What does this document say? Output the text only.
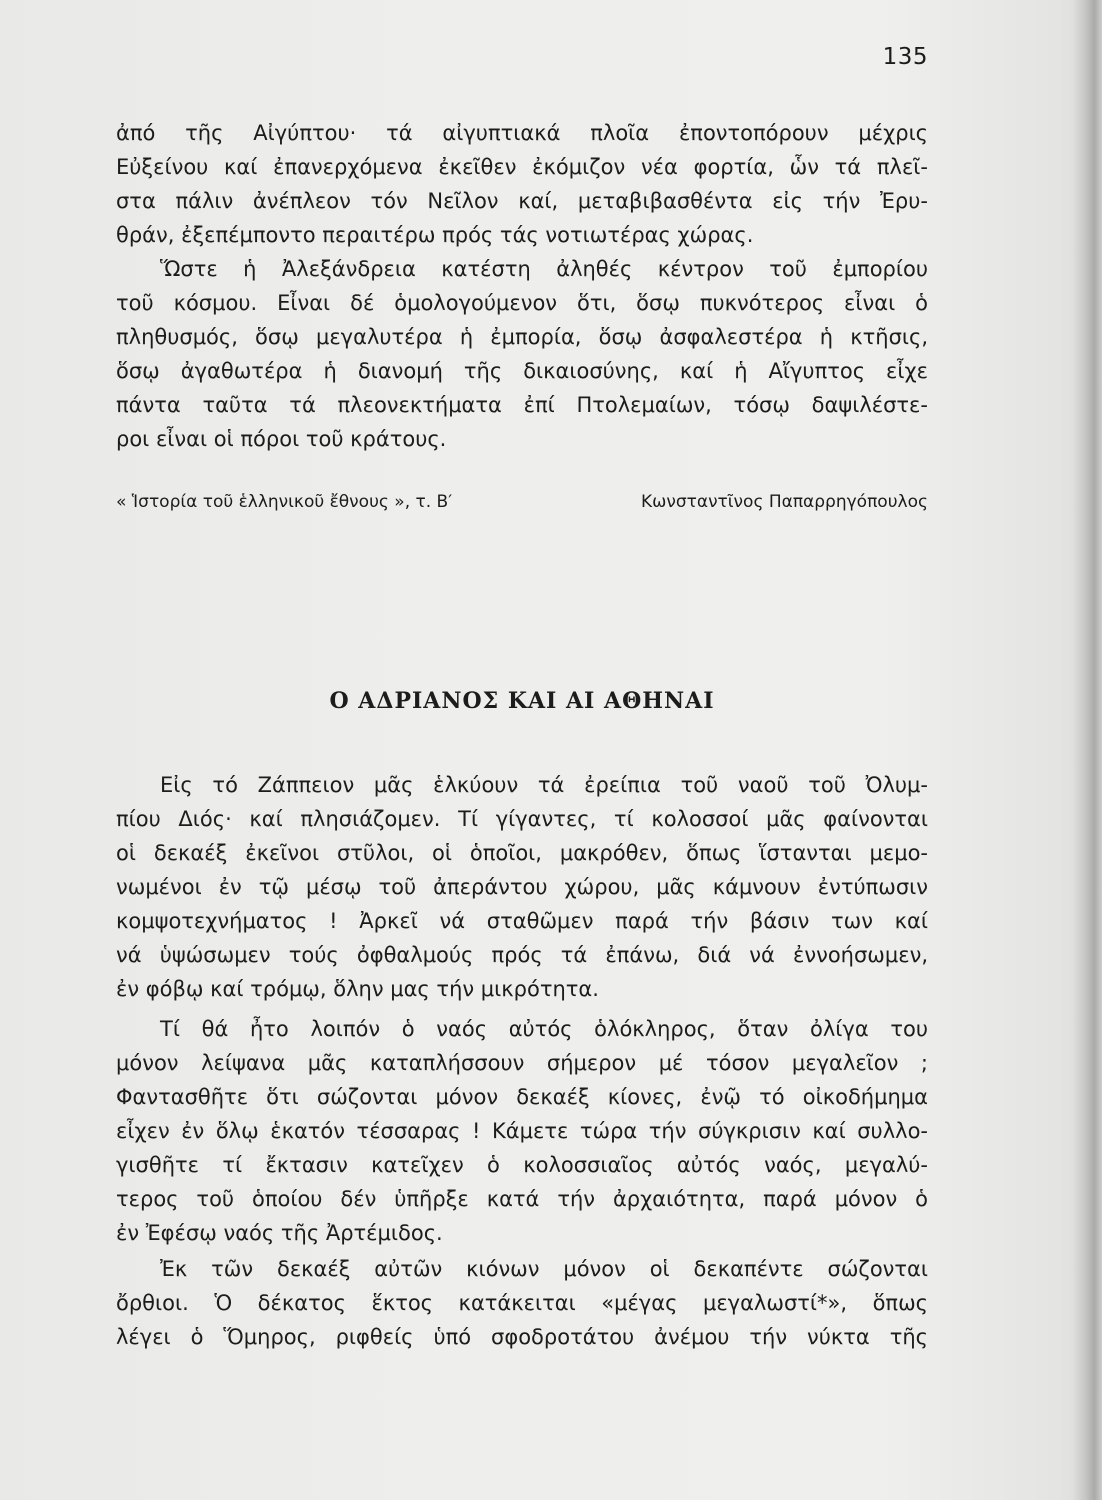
135
ἀπό τῆς Αἰγύπτου· τά αἰγυπτιακά πλοῖα ἐποντοπόρουν μέχρις
Εὐξείνου καί ἐπανερχόμενα ἐκεῖθεν ἐκόμιζον νέα φορτία, ὧν τά πλεῖ-
στα πάλιν ἀνέπλεον τόν Νεῖλον καί, μεταβιβασθέντα εἰς τήν Ἐρυ-
θράν, ἐξεπέμποντο περαιτέρω πρός τάς νοτιωτέρας χώρας.
Ὥστε ἡ Ἀλεξάνδρεια κατέστη ἀληθές κέντρον τοῦ ἐμπορίου
τοῦ κόσμου. Εἶναι δέ ὁμολογούμενον ὅτι, ὅσῳ πυκνότερος εἶναι ὁ
πληθυσμός, ὅσῳ μεγαλυτέρα ἡ ἐμπορία, ὅσῳ ἀσφαλεστέρα ἡ κτῆσις,
ὅσῳ ἀγαθωτέρα ἡ διανομή τῆς δικαιοσύνης, καί ἡ Αἴγυπτος εἶχε
πάντα ταῦτα τά πλεονεκτήματα ἐπί Πτολεμαίων, τόσῳ δαψιλέστε-
ροι εἶναι οἱ πόροι τοῦ κράτους.
« Ἱστορία τοῦ ἑλληνικοῦ ἔθνους », τ. Β′	Κωνσταντῖνος Παπαρρηγόπουλος
Ο ΑΔΡΙΑΝΟΣ ΚΑΙ ΑΙ ΑΘΗΝΑΙ
Εἰς τό Ζάππειον μᾶς ἑλκύουν τά ἐρείπια τοῦ ναοῦ τοῦ Ὀλυμ-
πίου Διός· καί πλησιάζομεν. Τί γίγαντες, τί κολοσσοί μᾶς φαίνονται
οἱ δεκαέξ ἐκεῖνοι στῦλοι, οἱ ὁποῖοι, μακρόθεν, ὅπως ἵστανται μεμο-
νωμένοι ἐν τῷ μέσῳ τοῦ ἀπεράντου χώρου, μᾶς κάμνουν ἐντύπωσιν
κομψοτεχνήματος ! Ἀρκεῖ νά σταθῶμεν παρά τήν βάσιν των καί
νά ὑψώσωμεν τούς ὀφθαλμούς πρός τά ἐπάνω, διά νά ἐννοήσωμεν,
ἐν φόβῳ καί τρόμῳ, ὅλην μας τήν μικρότητα.
Τί θά ἦτο λοιπόν ὁ ναός αὐτός ὁλόκληρος, ὅταν ὀλίγα του
μόνον λείψανα μᾶς καταπλήσσουν σήμερον μέ τόσον μεγαλεῖον ;
Φαντασθῆτε ὅτι σώζονται μόνον δεκαέξ κίονες, ἐνῷ τό οἰκοδήμημα
εἶχεν ἐν ὅλῳ ἑκατόν τέσσαρας ! Κάμετε τώρα τήν σύγκρισιν καί συλλο-
γισθῆτε τί ἔκτασιν κατεῖχεν ὁ κολοσσιαῖος αὐτός ναός, μεγαλύ-
τερος τοῦ ὁποίου δέν ὑπῆρξε κατά τήν ἀρχαιότητα, παρά μόνον ὁ
ἐν Ἐφέσῳ ναός τῆς Ἀρτέμιδος.
Ἐκ τῶν δεκαέξ αὐτῶν κιόνων μόνον οἱ δεκαπέντε σώζονται
ὄρθιοι. Ὁ δέκατος ἕκτος κατάκειται «μέγας μεγαλωστί*», ὅπως
λέγει ὁ Ὅμηρος, ριφθείς ὑπό σφοδροτάτου ἀνέμου τήν νύκτα τῆς
